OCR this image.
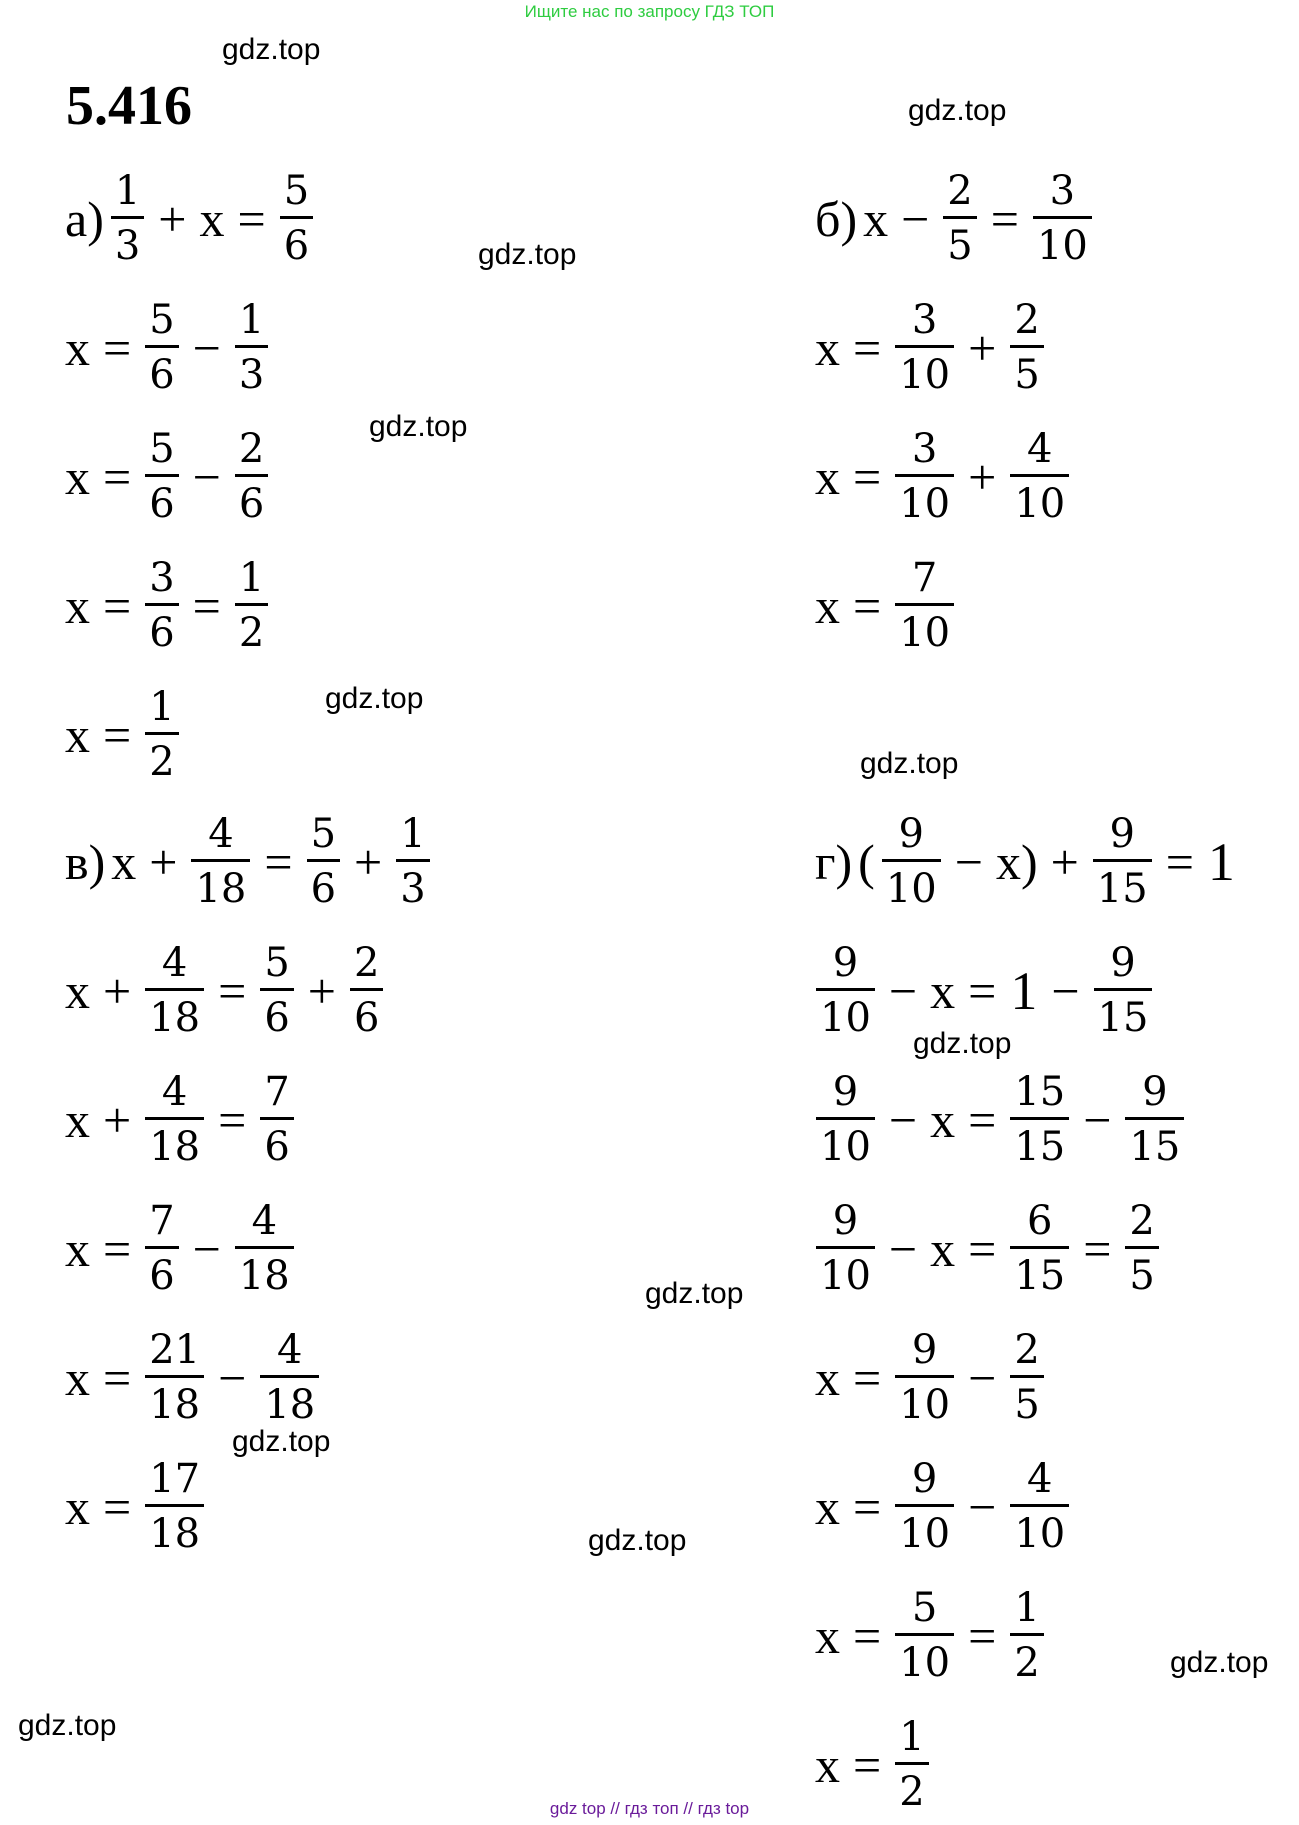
Ищите нас по запросу ГДЗ ТОП
5.416
$а) \frac{1}{3} + x = \frac{5}{6}$
$x = \frac{5}{6} - \frac{1}{3}$
$x = \frac{5}{6} - \frac{2}{6}$
$x = \frac{3}{6} = \frac{1}{2}$
$x = \frac{1}{2}$
б) $x - \frac{2}{5} = \frac{3}{10}$
$x = \frac{3}{10} + \frac{2}{5}$
$x = \frac{3}{10} + \frac{4}{10}$
$x = \frac{7}{10}$
в) $x + \frac{4}{18} = \frac{5}{6} + \frac{1}{3}$
$x + \frac{4}{18} = \frac{5}{6} + \frac{2}{6}$
$x + \frac{4}{18} = \frac{7}{6}$
$x = \frac{7}{6} - \frac{4}{18}$
$x = \frac{21}{18} - \frac{4}{18}$
$x = \frac{17}{18}$
г) ( $\frac{9}{10} - x) + \frac{9}{15} = 1$
$\frac{9}{10} - x = 1 - \frac{9}{15}$
$\frac{9}{10} - x = \frac{15}{15} - \frac{9}{15}$
$\frac{9}{10} - x = \frac{6}{15} = \frac{2}{5}$
$x = \frac{9}{10} - \frac{2}{5}$
$x = \frac{9}{10} - \frac{4}{10}$
$x = \frac{5}{10} = \frac{1}{2}$
$x = \frac{1}{2}$
gdz.top
gdz.top
gdz.top
gdz.top
gdz.top
gdz.top
gdz.top
gdz.top
gdz.top
gdz.top
gdz.top
gdz.top
gdz top // гдз топ // гдз top
